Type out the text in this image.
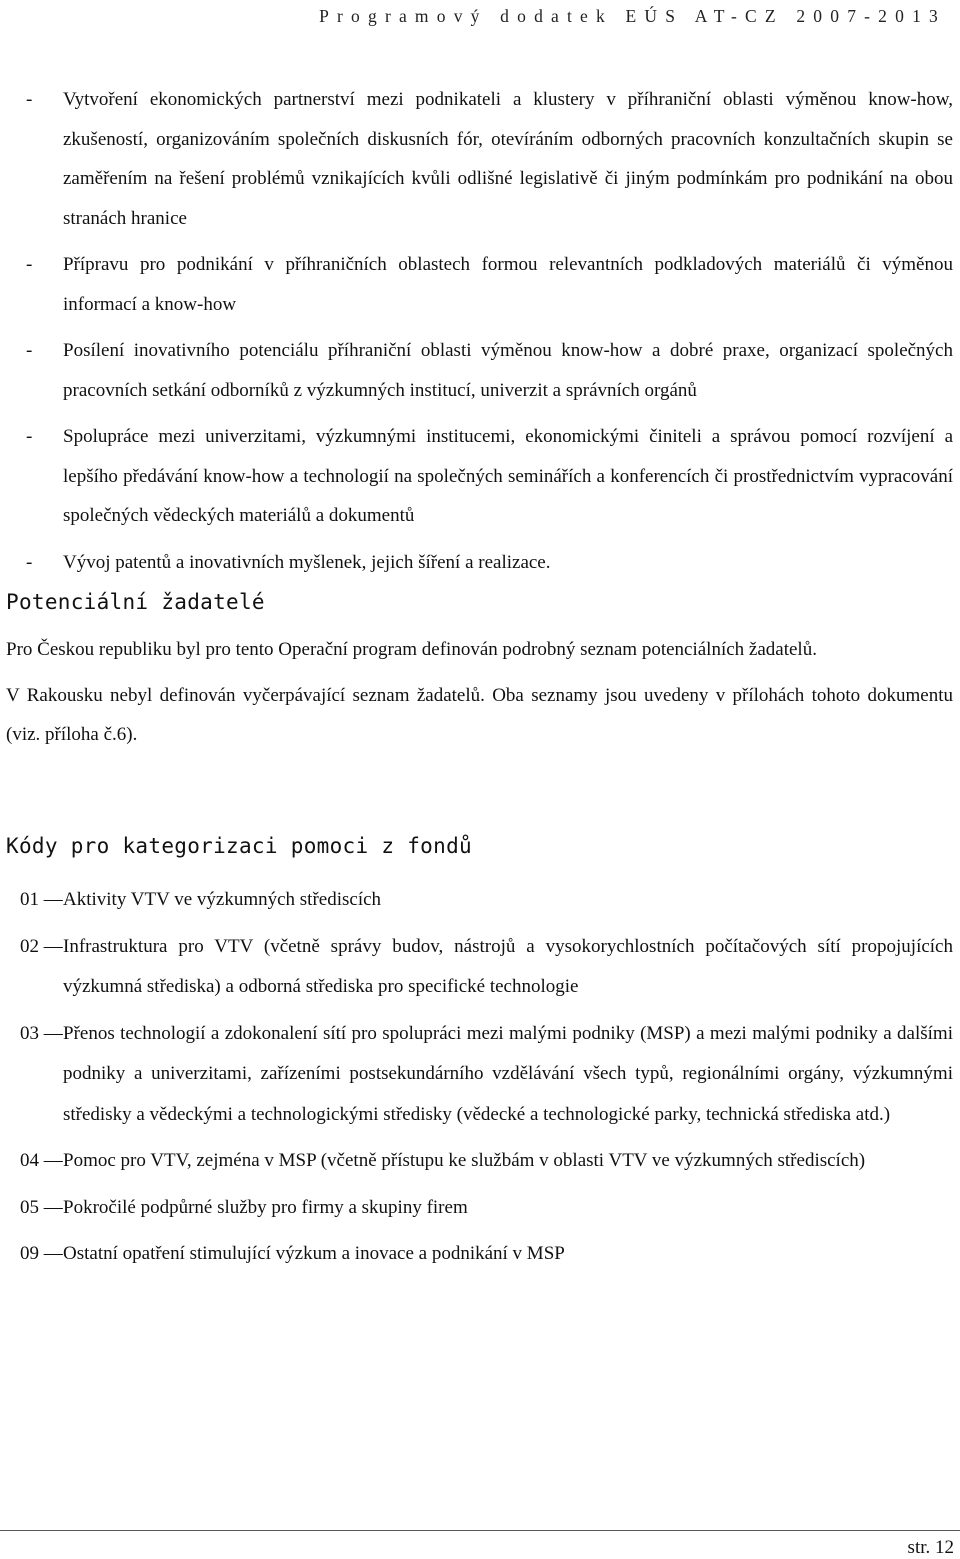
Programový dodatek EÚS AT-CZ 2007-2013
- Vytvoření ekonomických partnerství mezi podnikateli a klustery v příhraniční oblasti výměnou know-how, zkušeností, organizováním společních diskusních fór, otevíráním odborných pracovních konzultačních skupin se zaměřením na řešení problémů vznikajících kvůli odlišné legislativě či jiným podmínkám pro podnikání na obou stranách hranice
- Přípravu pro podnikání v příhraničních oblastech formou relevantních podkladových materiálů či výměnou informací a know-how
- Posílení inovativního potenciálu příhraniční oblasti výměnou know-how a dobré praxe, organizací společných pracovních setkání odborníků z výzkumných institucí, univerzit a správních orgánů
- Spolupráce mezi univerzitami, výzkumnými institucemi, ekonomickými činiteli a správou pomocí rozvíjení a lepšího předávání know-how a technologií na společných seminářích a konferencích či prostřednictvím vypracování společných vědeckých materiálů a dokumentů
- Vývoj patentů a inovativních myšlenek, jejich šíření a realizace.
Potenciální žadatelé

Pro Českou republiku byl pro tento Operační program definován podrobný seznam potenciálních žadatelů.

V Rakousku nebyl definován vyčerpávající seznam žadatelů. Oba seznamy jsou uvedeny v přílohách tohoto dokumentu (viz. příloha č.6).

Kódy pro kategorizaci pomoci z fondů
01 — Aktivity VTV ve výzkumných střediscích
02 — Infrastruktura pro VTV (včetně správy budov, nástrojů a vysokorychlostních počítačových sítí propojujících výzkumná střediska) a odborná střediska pro specifické technologie
03 — Přenos technologií a zdokonalení sítí pro spolupráci mezi malými podniky (MSP) a mezi malými podniky a dalšími podniky a univerzitami, zařízeními postsekundárního vzdělávání všech typů, regionálními orgány, výzkumnými středisky a vědeckými a technologickými středisky (vědecké a technologické parky, technická střediska atd.)
04 — Pomoc pro VTV, zejména v MSP (včetně přístupu ke službám v oblasti VTV ve výzkumných střediscích)
05 — Pokročilé podpůrné služby pro firmy a skupiny firem
09 — Ostatní opatření stimulující výzkum a inovace a podnikání v MSP
str. 12
